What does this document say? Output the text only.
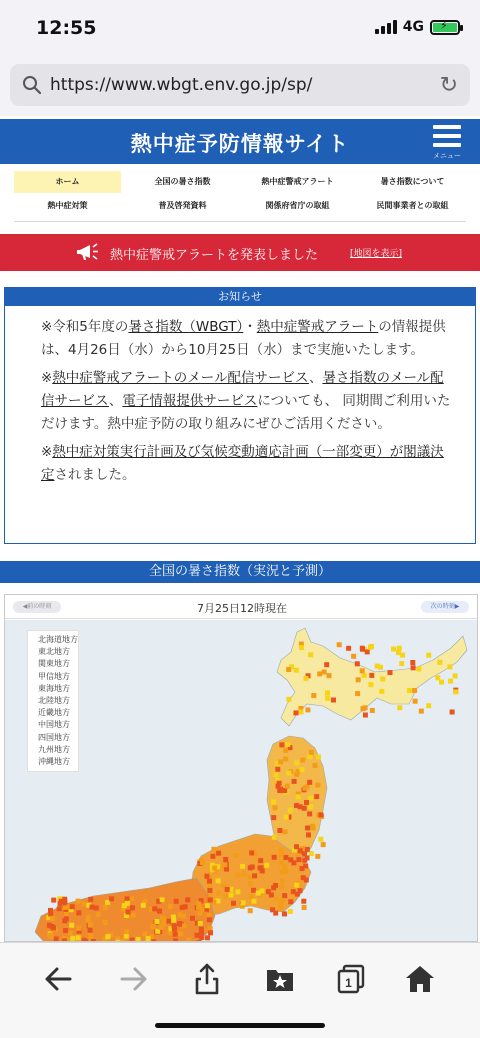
12:55	4G
⚡
https://www.wbgt.env.go.jp/sp/	↻
熱中症予防情報サイト	メニュー
ホーム	全国の暑さ指数	熱中症警戒アラート	暑さ指数について
熱中症対策	普及啓発資料	関係府省庁の取組	民間事業者との取組
熱中症警戒アラートを発表しました	[地図を表示]
お知らせ

※令和5年度の暑さ指数（WBGT）・熱中症警戒アラートの情報提供は、4月26日（水）から10月25日（水）まで実施いたします。

※熱中症警戒アラートのメール配信サービス、暑さ指数のメール配信サービス、電子情報提供サービスについても、 同期間ご利用いただけます。熱中症予防の取り組みにぜひご活用ください。

※熱中症対策実行計画及び気候変動適応計画（一部変更）が閣議決定されました。

全国の暑さ指数（実況と予測）
◀前の時刻	7月25日12時現在	次の時刻▶
北海道地方
東北地方
関東地方
甲信地方
東海地方
北陸地方
近畿地方
中国地方
四国地方
九州地方
沖縄地方
1
